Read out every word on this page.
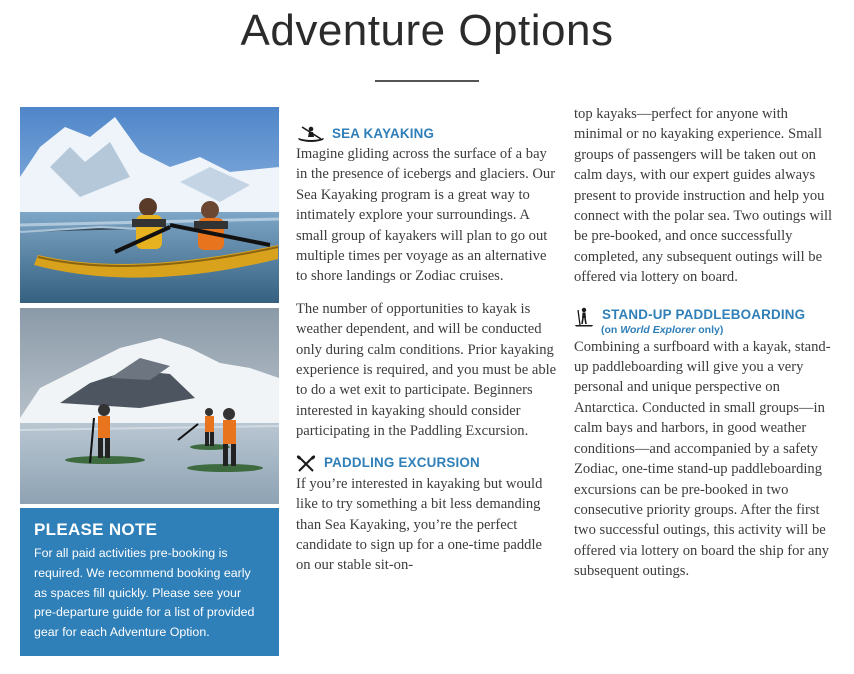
Adventure Options
PLEASE NOTE
For all paid activities pre-booking is required. We recommend booking early as spaces fill quickly. Please see your pre-departure guide for a list of provided gear for each Adventure Option.
SEA KAYAKING

Imagine gliding across the surface of a bay in the presence of icebergs and glaciers. Our Sea Kayaking program is a great way to intimately explore your surroundings. A small group of kayakers will plan to go out multiple times per voyage as an alternative to shore landings or Zodiac cruises.

The number of opportunities to kayak is weather dependent, and will be conducted only during calm conditions. Prior kayaking experience is required, and you must be able to do a wet exit to participate. Beginners interested in kayaking should consider participating in the Paddling Excursion.

PADDLING EXCURSION

If you’re interested in kayaking but would like to try something a bit less demanding than Sea Kayaking, you’re the perfect candidate to sign up for a one-time paddle on our stable sit-on-

top kayaks—perfect for anyone with minimal or no kayaking experience. Small groups of passengers will be taken out on calm days, with our expert guides always present to provide instruction and help you connect with the polar sea. Two outings will be pre-booked, and once successfully completed, any subsequent outings will be offered via lottery on board.

STAND-UP PADDLEBOARDING
(on World Explorer only)

Combining a surfboard with a kayak, stand-up paddleboarding will give you a very personal and unique perspective on Antarctica. Conducted in small groups—in calm bays and harbors, in good weather conditions—and accompanied by a safety Zodiac, one-time stand-up paddleboarding excursions can be pre-booked in two consecutive priority groups. After the first two successful outings, this activity will be offered via lottery on board the ship for any subsequent outings.
